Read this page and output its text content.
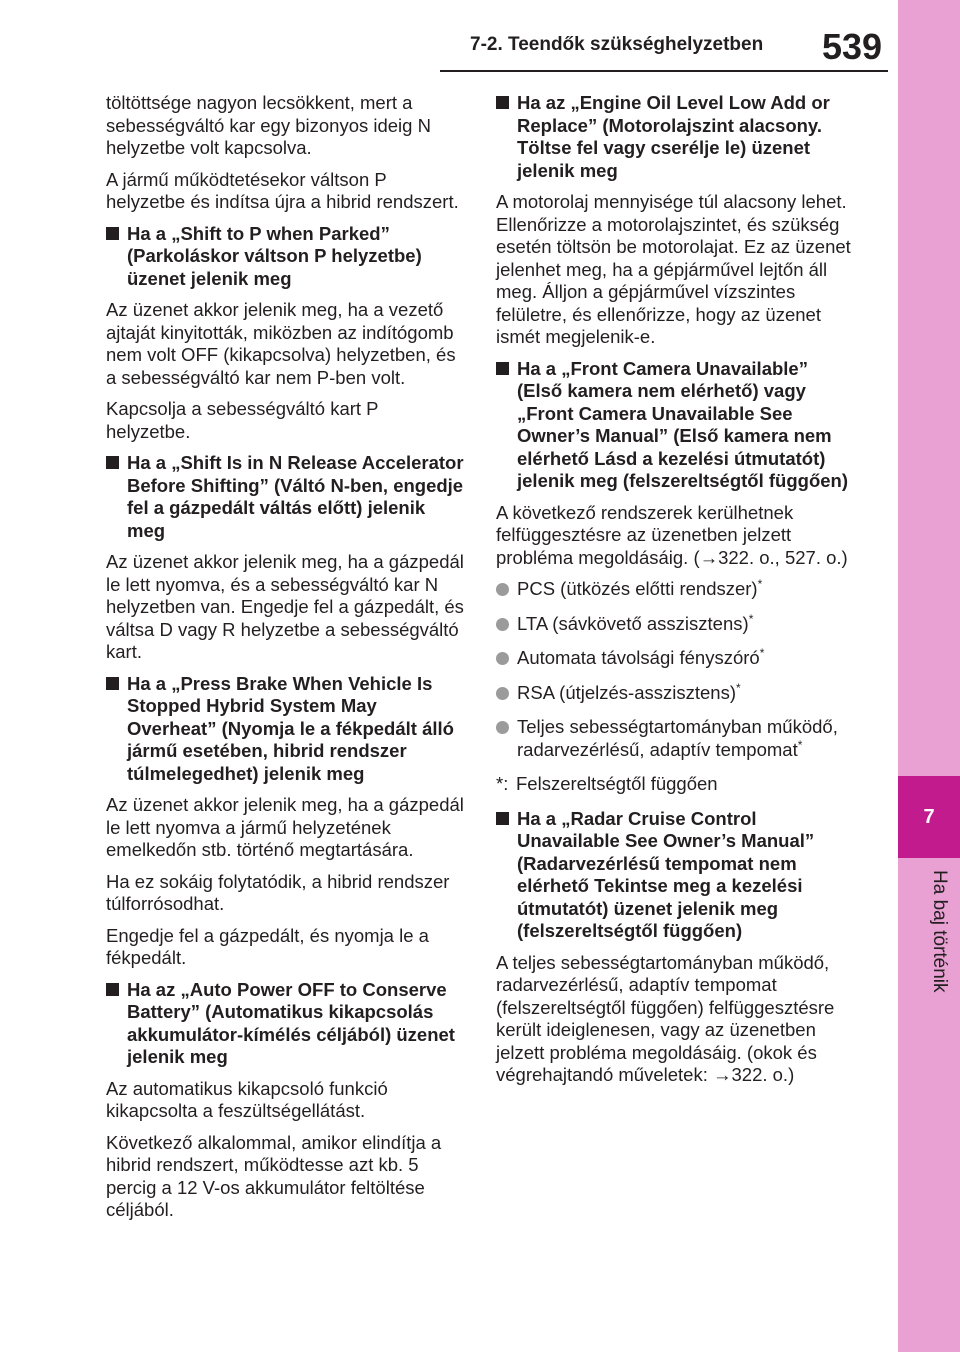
7-2. Teendők szükséghelyzetben 539
7
Ha baj történik

töltöttsége nagyon lecsökkent, mert a sebességváltó kar egy bizonyos ideig N helyzetbe volt kapcsolva.

A jármű működtetésekor váltson P helyzetbe és indítsa újra a hibrid rendszert.

Ha a „Shift to P when Parked” (Parkoláskor váltson P helyzetbe) üzenet jelenik meg

Az üzenet akkor jelenik meg, ha a vezető ajtaját kinyitották, miközben az indítógomb nem volt OFF (kikapcsolva) helyzetben, és a sebességváltó kar nem P-ben volt.

Kapcsolja a sebességváltó kart P helyzetbe.

Ha a „Shift Is in N Release Accelerator Before Shifting” (Váltó N-ben, engedje fel a gázpedált váltás előtt) jelenik meg

Az üzenet akkor jelenik meg, ha a gázpedál le lett nyomva, és a sebességváltó kar N helyzetben van. Engedje fel a gázpedált, és váltsa D vagy R helyzetbe a sebességváltó kart.

Ha a „Press Brake When Vehicle Is Stopped Hybrid System May Overheat” (Nyomja le a fékpedált álló jármű esetében, hibrid rendszer túlmelegedhet) jelenik meg

Az üzenet akkor jelenik meg, ha a gázpedál le lett nyomva a jármű helyzetének emelkedőn stb. történő megtartására.

Ha ez sokáig folytatódik, a hibrid rendszer túlforrósodhat.

Engedje fel a gázpedált, és nyomja le a fékpedált.

Ha az „Auto Power OFF to Conserve Battery” (Automatikus kikapcsolás akkumulátor-kímélés céljából) üzenet jelenik meg

Az automatikus kikapcsoló funkció kikapcsolta a feszültségellátást.

Következő alkalommal, amikor elindítja a hibrid rendszert, működtesse azt kb. 5 percig a 12 V-os akkumulátor feltöltése céljából.

Ha az „Engine Oil Level Low Add or Replace” (Motorolajszint alacsony. Töltse fel vagy cserélje le) üzenet jelenik meg

A motorolaj mennyisége túl alacsony lehet. Ellenőrizze a motorolajszintet, és szükség esetén töltsön be motorolajat. Ez az üzenet jelenhet meg, ha a gépjárművel lejtőn áll meg. Álljon a gépjárművel vízszintes felületre, és ellenőrizze, hogy az üzenet ismét megjelenik-e.

Ha a „Front Camera Unavailable” (Első kamera nem elérhető) vagy „Front Camera Unavailable See Owner’s Manual” (Első kamera nem elérhető Lásd a kezelési útmutatót) jelenik meg (felszereltségtől függően)

A következő rendszerek kerülhetnek felfüggesztésre az üzenetben jelzett probléma megoldásáig. (→322. o., 527. o.)

PCS (ütközés előtti rendszer)*
LTA (sávkövető asszisztens)*
Automata távolsági fényszóró*
RSA (útjelzés-asszisztens)*
Teljes sebességtartományban működő, radarvezérlésű, adaptív tempomat*
*: Felszereltségtől függően
Ha a „Radar Cruise Control Unavailable See Owner’s Manual” (Radarvezérlésű tempomat nem elérhető Tekintse meg a kezelési útmutatót) üzenet jelenik meg (felszereltségtől függően)

A teljes sebességtartományban működő, radarvezérlésű, adaptív tempomat (felszereltségtől függően) felfüggesztésre került ideiglenesen, vagy az üzenetben jelzett probléma megoldásáig. (okok és végrehajtandó műveletek: →322. o.)
